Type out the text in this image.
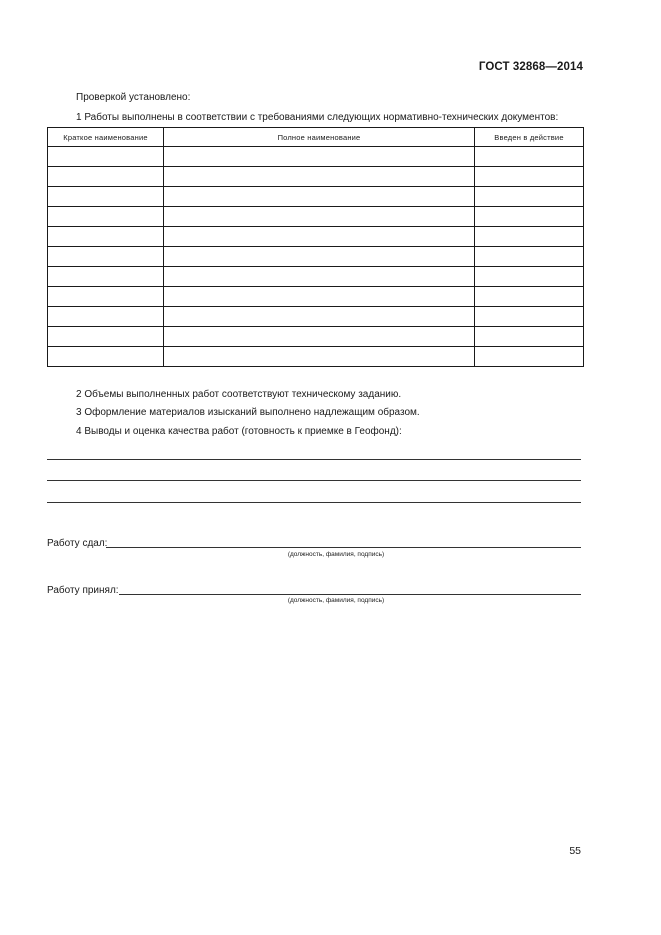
ГОСТ 32868—2014
Проверкой установлено:
1 Работы выполнены в соответствии с требованиями следующих нормативно-технических документов:
Краткое наименование	Полное наименование	Введен в действие

2 Объемы выполненных работ соответствуют техническому заданию.
3 Оформление материалов изысканий выполнено надлежащим образом.
4 Выводы и оценка качества работ (готовность к приемке в Геофонд):
Работу сдал:
(должность, фамилия, подпись)
Работу принял:
(должность, фамилия, подпись)
55
